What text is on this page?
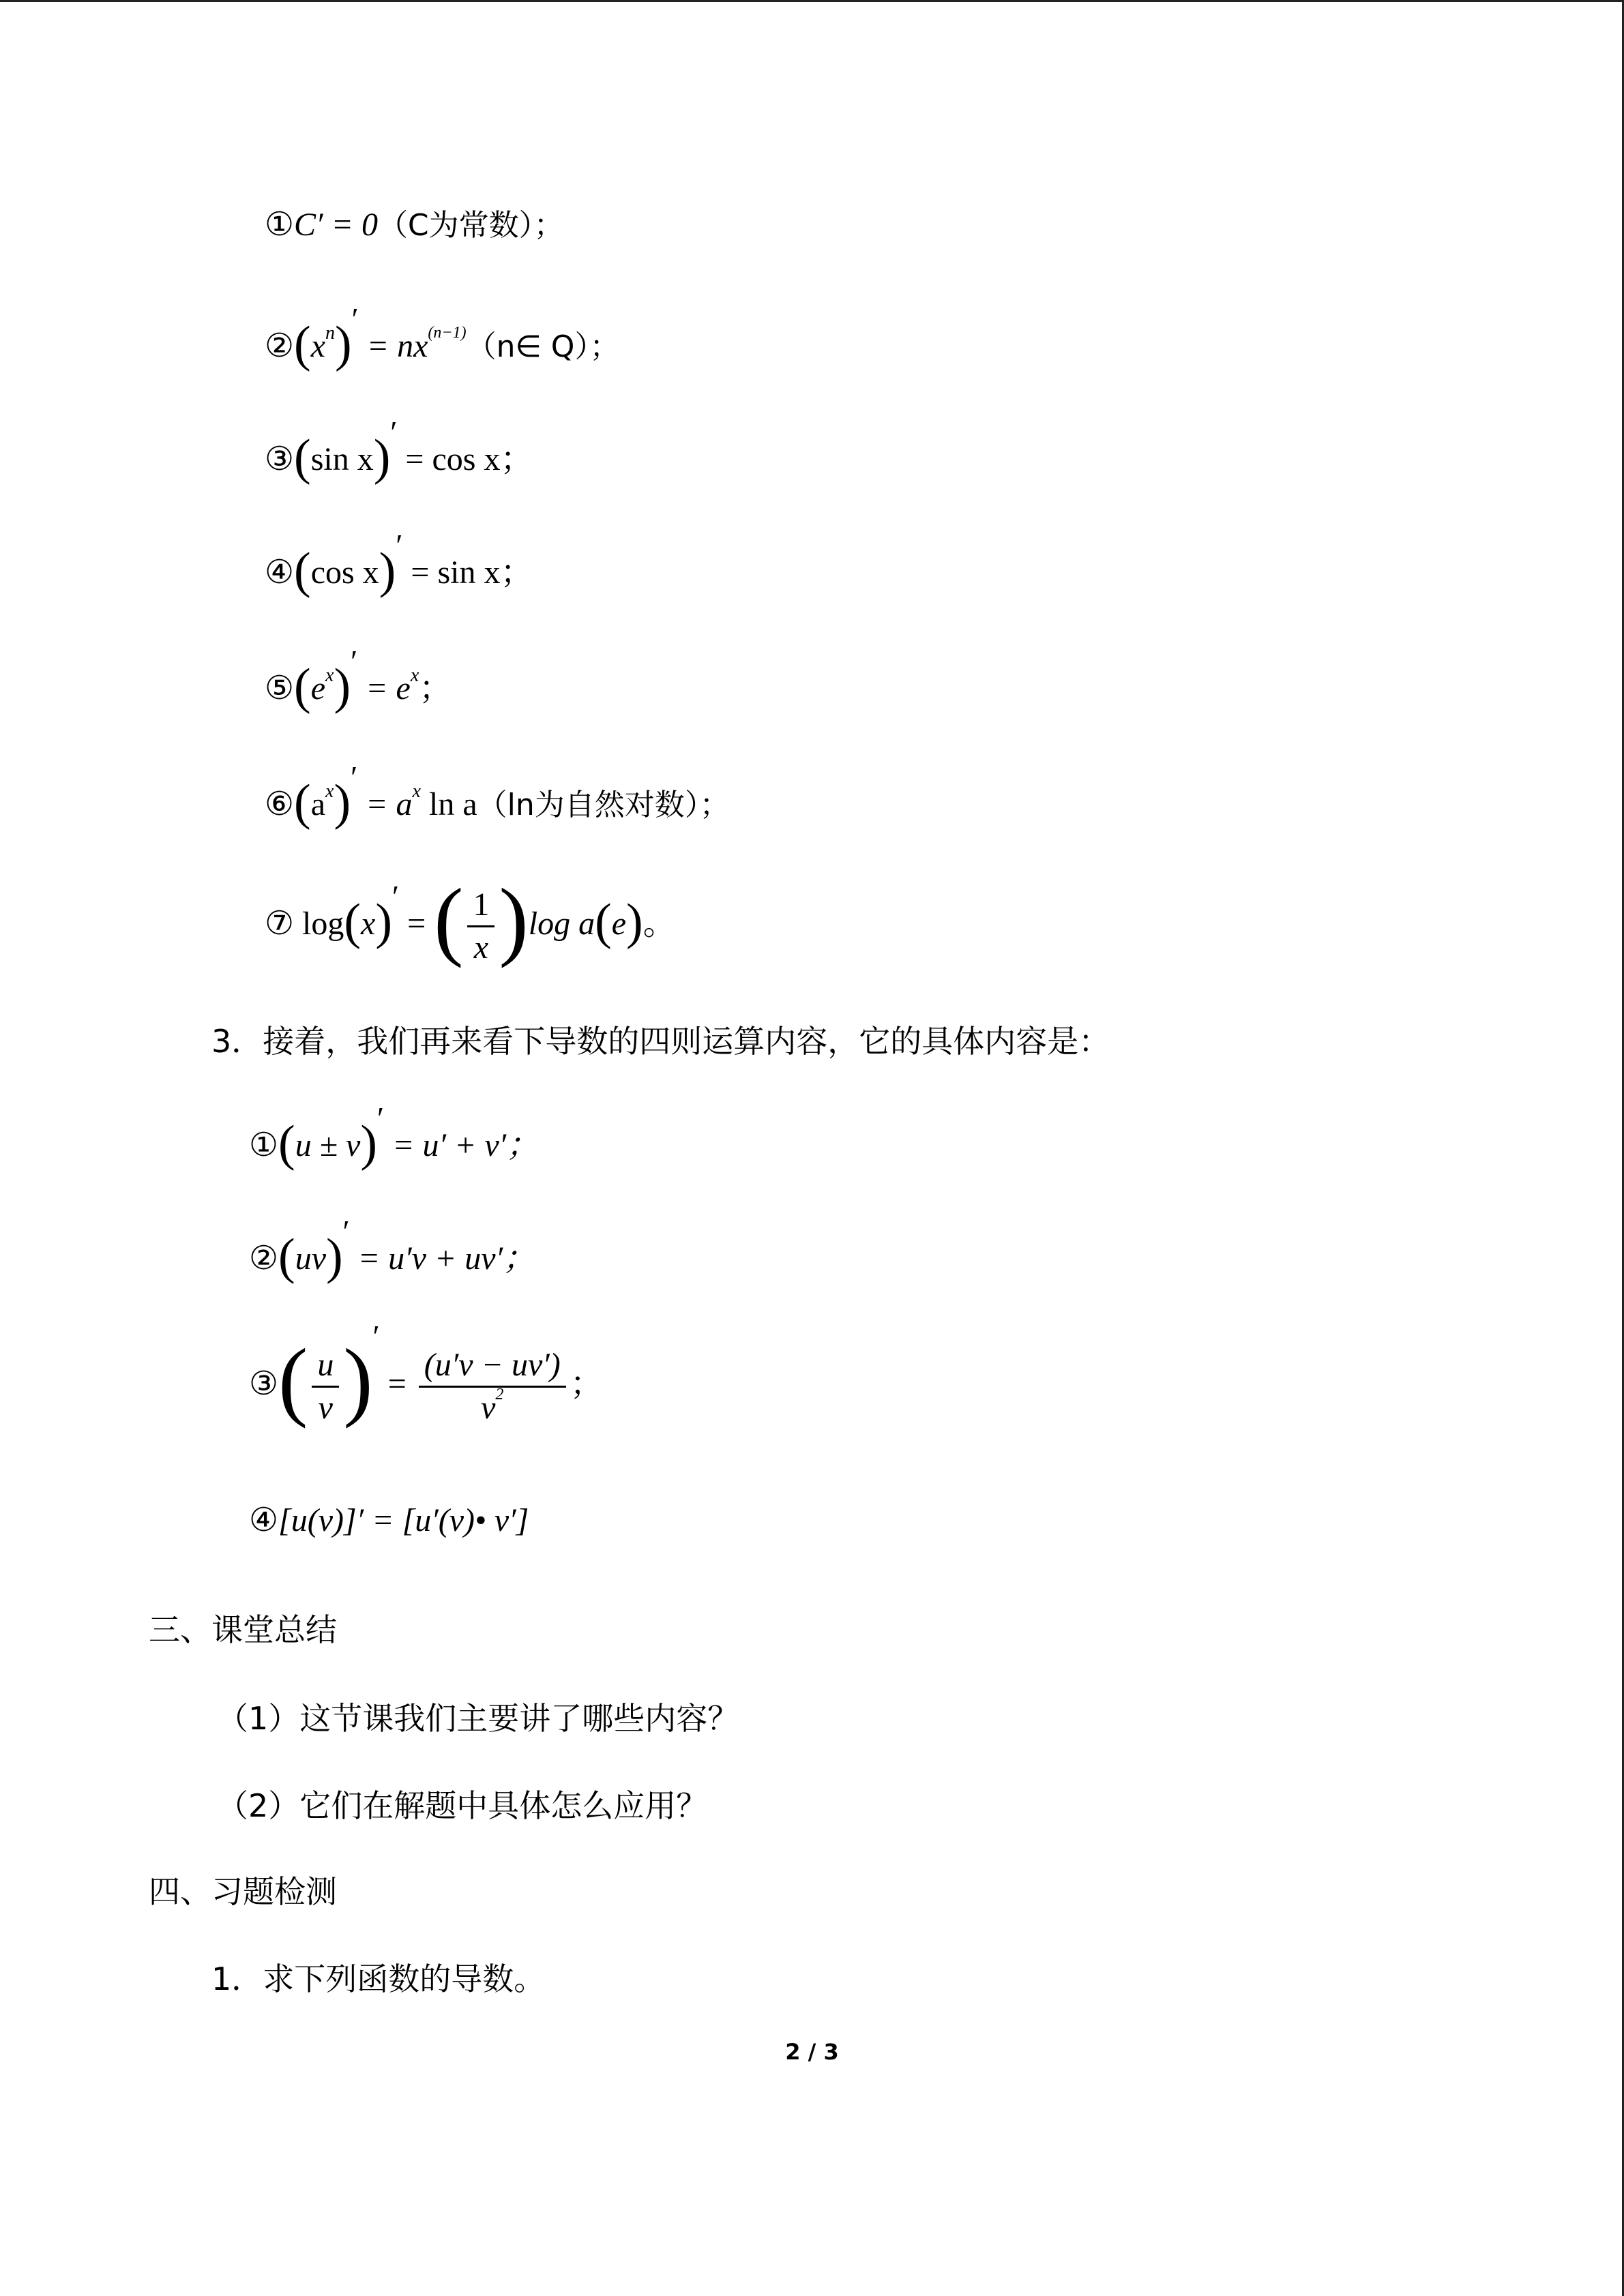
①C′ = 0（C为常数）；
$②(x^n)'$ = $nx^{(n-1)}(n\in$ Q）；
③(sin x)′ = cos x；
④(cos x)′ = sin x；
$⑤(e^x)' = e^x$；
$⑥(a^x)' = a^x$ ln a（ln为自然对数）；
⑦ log(x)′ = ( $\frac{1}{x} )\log$ a(e)。
3．接着，我们再来看下导数的四则运算内容，它的具体内容是：
①(u ± v)′ = u′ + v′；
②(uv)′ = u′v + uv′；
③( $\frac{u}{v}$ )′ = $\frac{(u'v - uv')}{v^2}$ ；
④[u(v)]′ = [u′(v)• v′]
三、课堂总结
（1）这节课我们主要讲了哪些内容？
（2）它们在解题中具体怎么应用？
四、习题检测
1．求下列函数的导数。
2 / 3
